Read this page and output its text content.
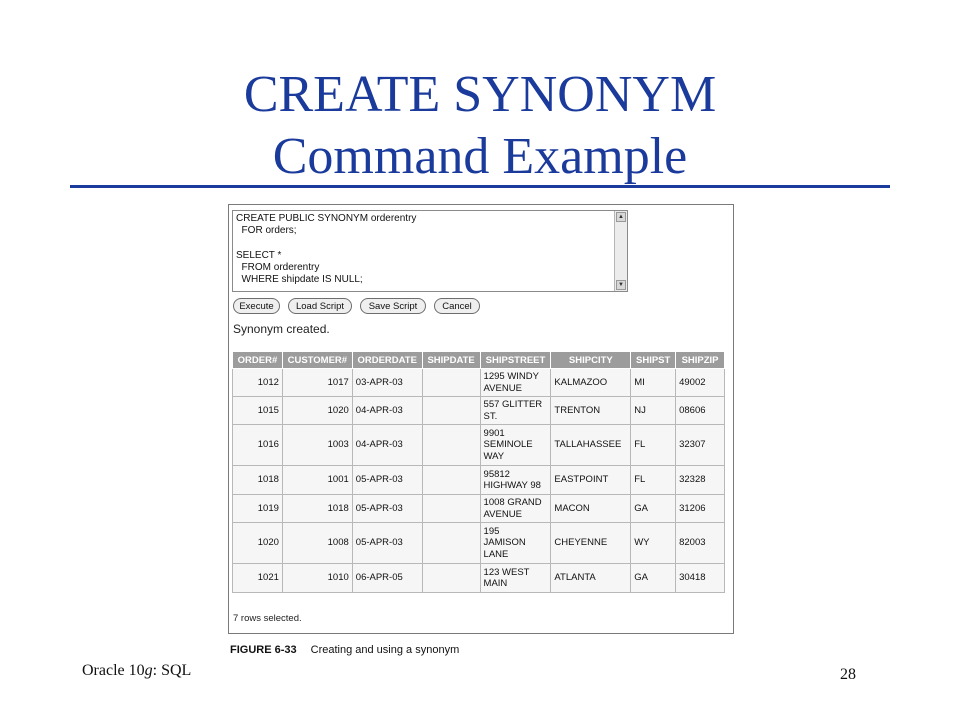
CREATE SYNONYM
Command Example
CREATE PUBLIC SYNONYM orderentry
FOR orders;

SELECT *
FROM orderentry
WHERE shipdate IS NULL;
▲
▼
Execute	Load Script	Save Script	Cancel
Synonym created.
ORDER#	CUSTOMER#	ORDERDATE	SHIPDATE	SHIPSTREET	SHIPCITY	SHIPST	SHIPZIP
1012	1017	03-APR-03		1295 WINDY
AVENUE	KALMAZOO	MI	49002
1015	1020	04-APR-03		557 GLITTER
ST.	TRENTON	NJ	08606
1016	1003	04-APR-03		9901
SEMINOLE
WAY	TALLAHASSEE	FL	32307
1018	1001	05-APR-03		95812
HIGHWAY 98	EASTPOINT	FL	32328
1019	1018	05-APR-03		1008 GRAND
AVENUE	MACON	GA	31206
1020	1008	05-APR-03		195
JAMISON
LANE	CHEYENNE	WY	82003
1021	1010	06-APR-05		123 WEST
MAIN	ATLANTA	GA	30418
7 rows selected.
FIGURE 6-33 Creating and using a synonym
Oracle 10g: SQL	28
